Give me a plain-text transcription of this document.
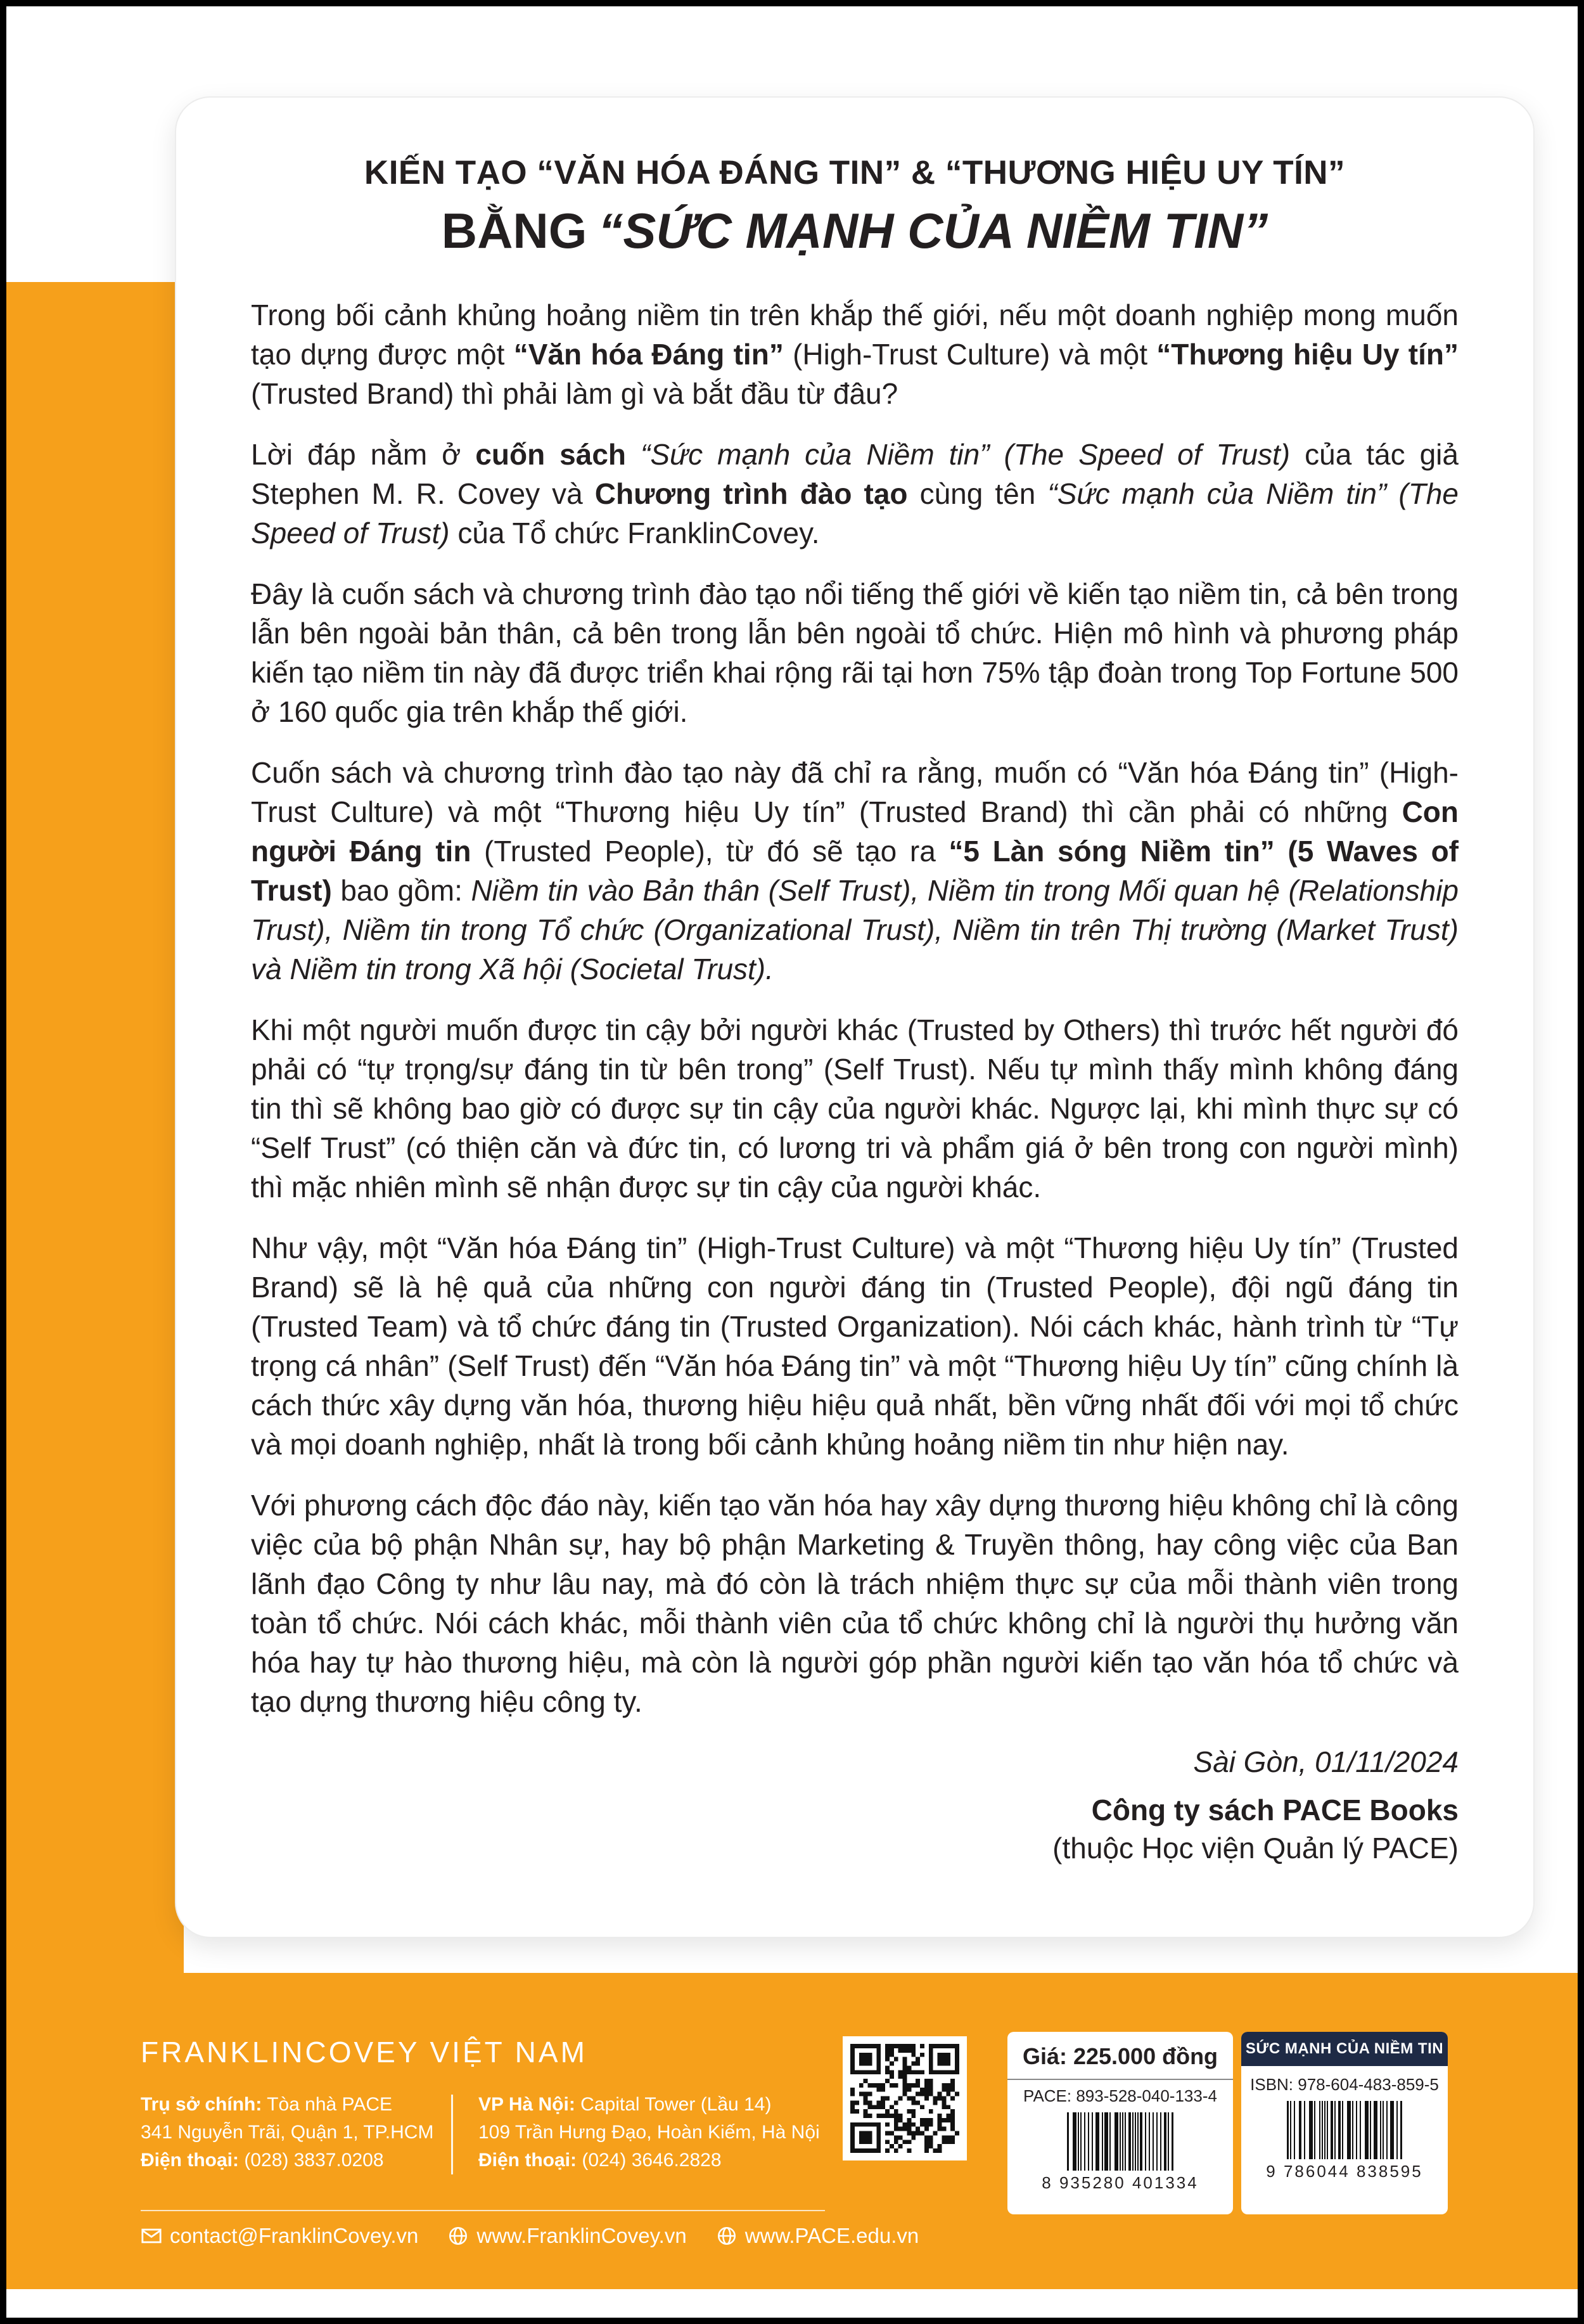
KIẾN TẠO “VĂN HÓA ĐÁNG TIN” & “THƯƠNG HIỆU UY TÍN”
BẰNG “SỨC MẠNH CỦA NIỀM TIN”

Trong bối cảnh khủng hoảng niềm tin trên khắp thế giới, nếu một doanh nghiệp mong muốn tạo dựng được một “Văn hóa Đáng tin” (High-Trust Culture) và một “Thương hiệu Uy tín” (Trusted Brand) thì phải làm gì và bắt đầu từ đâu?

Lời đáp nằm ở cuốn sách “Sức mạnh của Niềm tin” (The Speed of Trust) của tác giả Stephen M. R. Covey và Chương trình đào tạo cùng tên “Sức mạnh của Niềm tin” (The Speed of Trust) của Tổ chức FranklinCovey.

Đây là cuốn sách và chương trình đào tạo nổi tiếng thế giới về kiến tạo niềm tin, cả bên trong lẫn bên ngoài bản thân, cả bên trong lẫn bên ngoài tổ chức. Hiện mô hình và phương pháp kiến tạo niềm tin này đã được triển khai rộng rãi tại hơn 75% tập đoàn trong Top Fortune 500 ở 160 quốc gia trên khắp thế giới.

Cuốn sách và chương trình đào tạo này đã chỉ ra rằng, muốn có “Văn hóa Đáng tin” (High-Trust Culture) và một “Thương hiệu Uy tín” (Trusted Brand) thì cần phải có những Con người Đáng tin (Trusted People), từ đó sẽ tạo ra “5 Làn sóng Niềm tin” (5 Waves of Trust) bao gồm: Niềm tin vào Bản thân (Self Trust), Niềm tin trong Mối quan hệ (Relationship Trust), Niềm tin trong Tổ chức (Organizational Trust), Niềm tin trên Thị trường (Market Trust) và Niềm tin trong Xã hội (Societal Trust).

Khi một người muốn được tin cậy bởi người khác (Trusted by Others) thì trước hết người đó phải có “tự trọng/sự đáng tin từ bên trong” (Self Trust). Nếu tự mình thấy mình không đáng tin thì sẽ không bao giờ có được sự tin cậy của người khác. Ngược lại, khi mình thực sự có “Self Trust” (có thiện căn và đức tin, có lương tri và phẩm giá ở bên trong con người mình) thì mặc nhiên mình sẽ nhận được sự tin cậy của người khác.

Như vậy, một “Văn hóa Đáng tin” (High-Trust Culture) và một “Thương hiệu Uy tín” (Trusted Brand) sẽ là hệ quả của những con người đáng tin (Trusted People), đội ngũ đáng tin (Trusted Team) và tổ chức đáng tin (Trusted Organization). Nói cách khác, hành trình từ “Tự trọng cá nhân” (Self Trust) đến “Văn hóa Đáng tin” và một “Thương hiệu Uy tín” cũng chính là cách thức xây dựng văn hóa, thương hiệu hiệu quả nhất, bền vững nhất đối với mọi tổ chức và mọi doanh nghiệp, nhất là trong bối cảnh khủng hoảng niềm tin như hiện nay.

Với phương cách độc đáo này, kiến tạo văn hóa hay xây dựng thương hiệu không chỉ là công việc của bộ phận Nhân sự, hay bộ phận Marketing & Truyền thông, hay công việc của Ban lãnh đạo Công ty như lâu nay, mà đó còn là trách nhiệm thực sự của mỗi thành viên trong toàn tổ chức. Nói cách khác, mỗi thành viên của tổ chức không chỉ là người thụ hưởng văn hóa hay tự hào thương hiệu, mà còn là người góp phần người kiến tạo văn hóa tổ chức và tạo dựng thương hiệu công ty.

Sài Gòn, 01/11/2024

Công ty sách PACE Books

(thuộc Học viện Quản lý PACE)

FRANKLINCOVEY VIỆT NAM
Trụ sở chính: Tòa nhà PACE
341 Nguyễn Trãi, Quận 1, TP.HCM
Điện thoại: (028) 3837.0208
VP Hà Nội: Capital Tower (Lầu 14)
109 Trần Hưng Đạo, Hoàn Kiếm, Hà Nội
Điện thoại: (024) 3646.2828
contact@FranklinCovey.vn	www.FranklinCovey.vn	www.PACE.edu.vn
Giá: 225.000 đồng
PACE: 893-528-040-133-4
8 935280 401334
SỨC MẠNH CỦA NIỀM TIN
ISBN: 978-604-483-859-5
9 786044 838595
